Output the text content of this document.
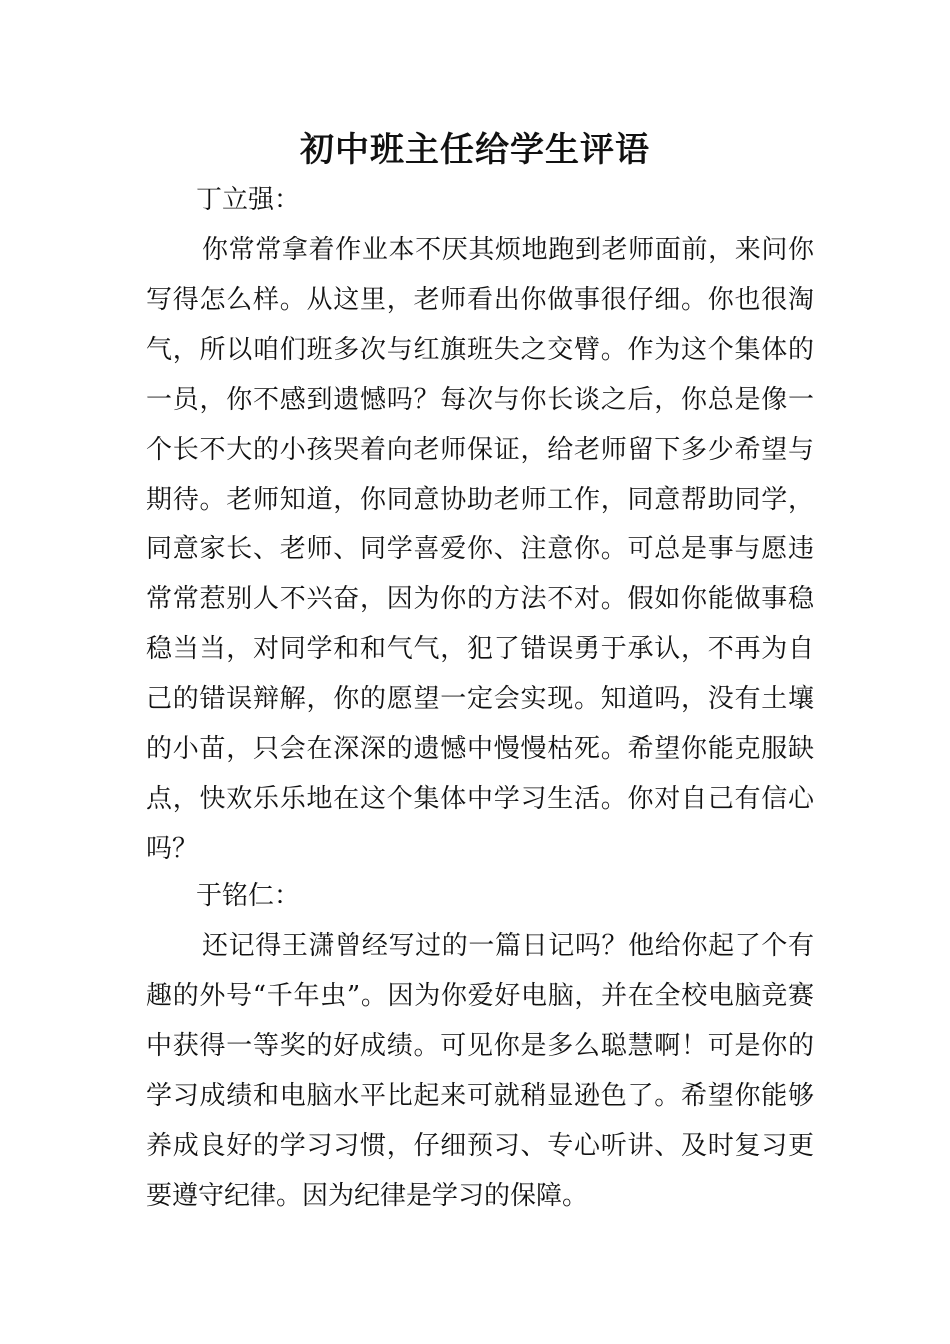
初中班主任给学生评语

丁立强：

你常常拿着作业本不厌其烦地跑到老师面前，来问你写得怎么样。从这里，老师看出你做事很仔细。你也很淘气，所以咱们班多次与红旗班失之交臂。作为这个集体的一员，你不感到遗憾吗？每次与你长谈之后，你总是像一个长不大的小孩哭着向老师保证，给老师留下多少希望与期待。老师知道，你同意协助老师工作，同意帮助同学，同意家长、老师、同学喜爱你、注意你。可总是事与愿违常常惹别人不兴奋，因为你的方法不对。假如你能做事稳稳当当，对同学和和气气，犯了错误勇于承认，不再为自己的错误辩解，你的愿望一定会实现。知道吗，没有土壤的小苗，只会在深深的遗憾中慢慢枯死。希望你能克服缺点，快欢乐乐地在这个集体中学习生活。你对自己有信心吗？

于铭仁：

还记得王潇曾经写过的一篇日记吗？他给你起了个有趣的外号“千年虫”。因为你爱好电脑，并在全校电脑竞赛中获得一等奖的好成绩。可见你是多么聪慧啊！可是你的学习成绩和电脑水平比起来可就稍显逊色了。希望你能够养成良好的学习习惯，仔细预习、专心听讲、及时复习更要遵守纪律。因为纪律是学习的保障。
